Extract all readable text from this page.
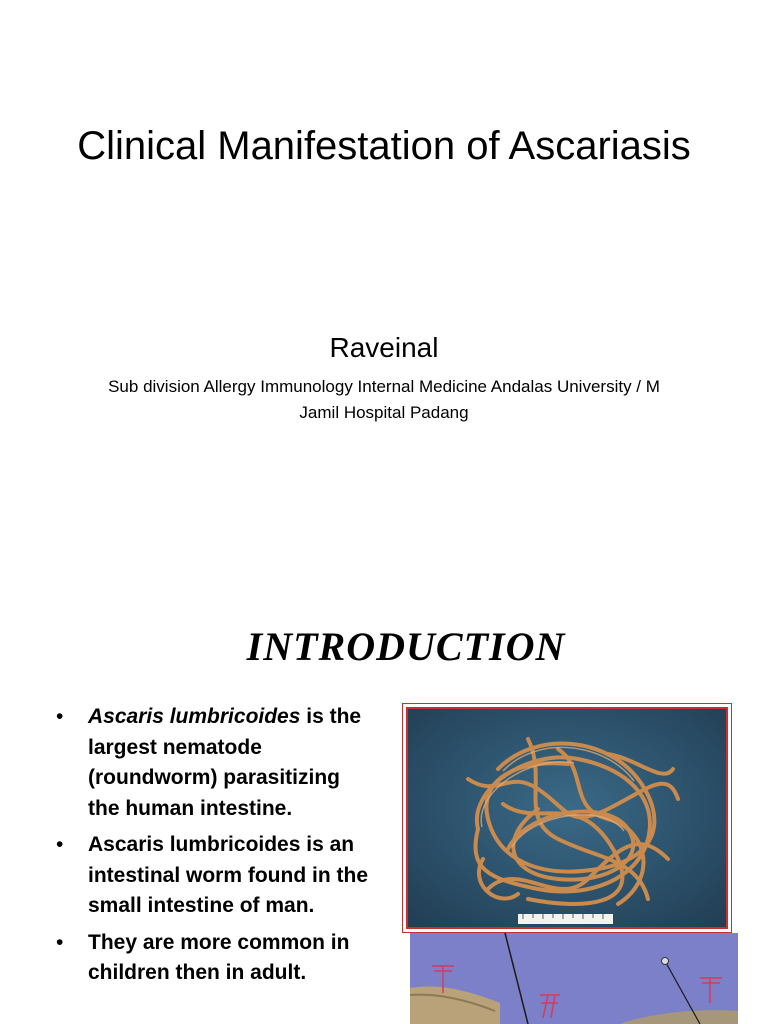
Clinical Manifestation of Ascariasis
Raveinal
Sub division Allergy Immunology Internal Medicine Andalas University / M Jamil Hospital Padang
INTRODUCTION
• Ascaris lumbricoides is the largest nematode (roundworm) parasitizing the human intestine.
• Ascaris lumbricoides is an intestinal worm found in the small intestine of man.
• They are more common in children then in adult.
